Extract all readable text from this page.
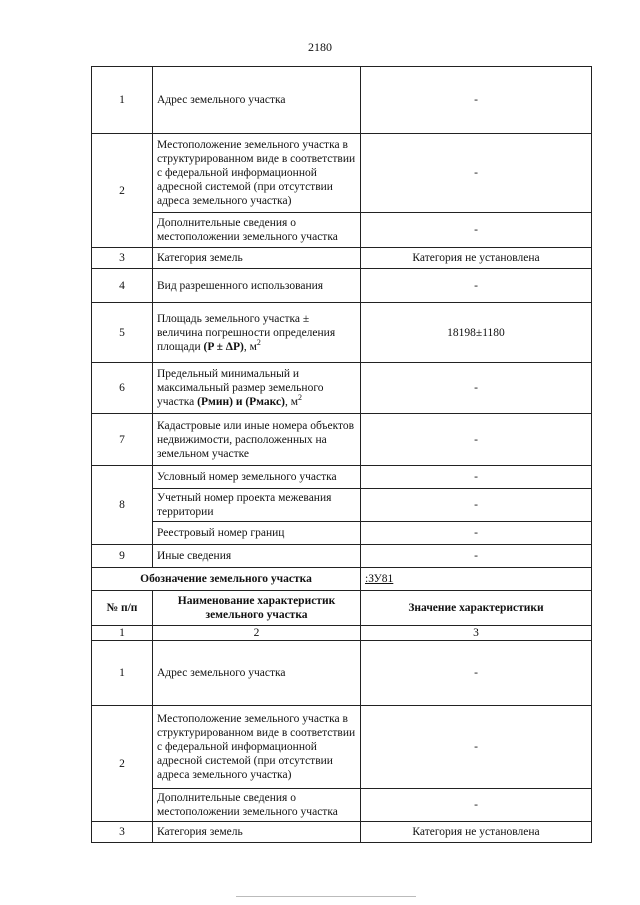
2180
1	Адрес земельного участка	-
2	Местоположение земельного участка в структурированном виде в соответствии с федеральной информационной адресной системой (при отсутствии адреса земельного участка)	-
	Дополнительные сведения о местоположении земельного участка	-
3	Категория земель	Категория не установлена
4	Вид разрешенного использования	-
5	Площадь земельного участка ± величина погрешности определения площади (P ± ΔP), $м^2$	18198±1180
6	Предельный минимальный и максимальный размер земельного участка (Pмин) и (Pмакс), $м^2$	-
7	Кадастровые или иные номера объектов недвижимости, расположенных на земельном участке	-
8	Условный номер земельного участка	-
	Учетный номер проекта межевания территории	-
	Реестровый номер границ	-
9	Иные сведения	-
Обозначение земельного участка		:ЗУ81
№ п/п	Наименование характеристик земельного участка	Значение характеристики
1	2	3
1	Адрес земельного участка	-
2	Местоположение земельного участка в структурированном виде в соответствии с федеральной информационной адресной системой (при отсутствии адреса земельного участка)	-
	Дополнительные сведения о местоположении земельного участка	-
3	Категория земель	Категория не установлена
